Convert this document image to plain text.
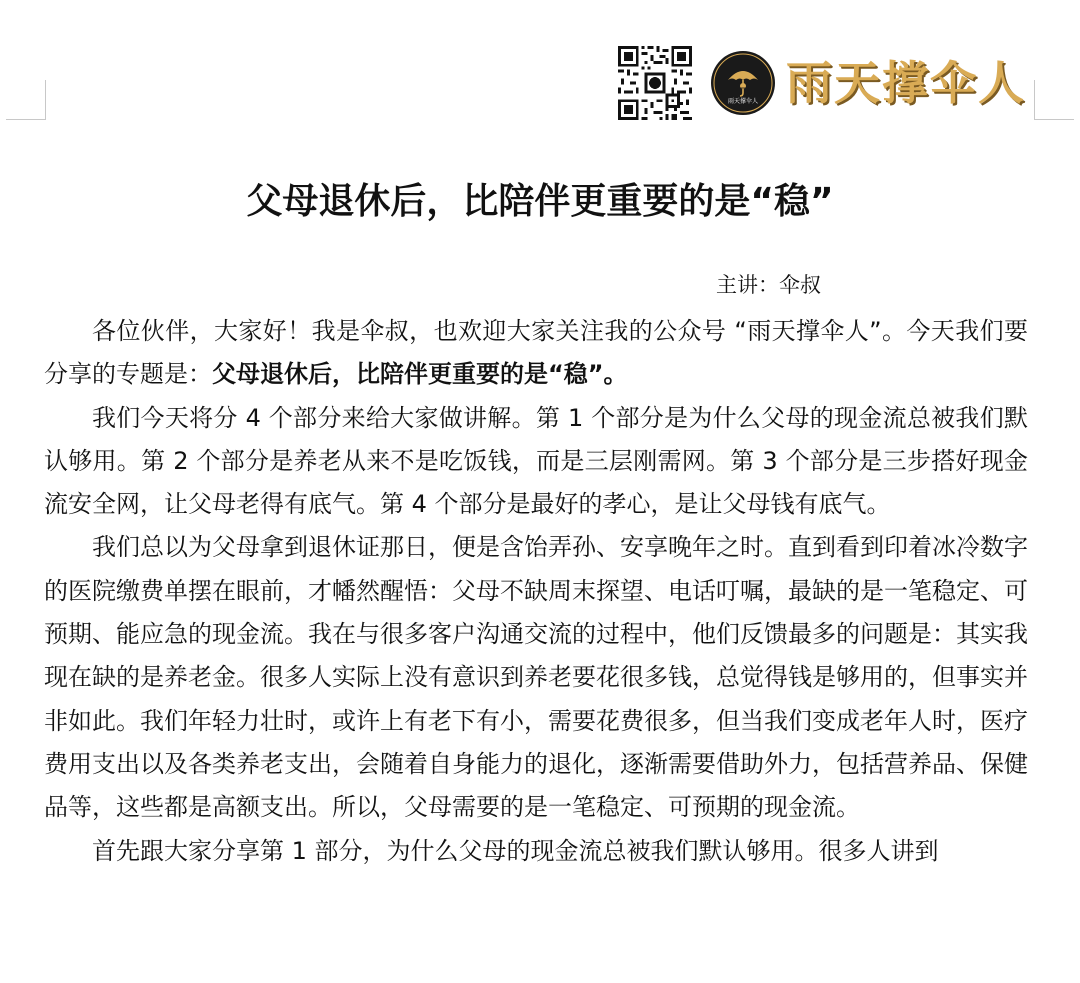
雨天撑伞人 雨天撑伞人
父母退休后，比陪伴更重要的是“稳”
主讲：伞叔

各位伙伴，大家好！我是伞叔，也欢迎大家关注我的公众号 “雨天撑伞人”。今天我们要分享的专题是：父母退休后，比陪伴更重要的是“稳”。

我们今天将分 4 个部分来给大家做讲解。第 1 个部分是为什么父母的现金流总被我们默认够用。第 2 个部分是养老从来不是吃饭钱，而是三层刚需网。第 3 个部分是三步搭好现金流安全网，让父母老得有底气。第 4 个部分是最好的孝心，是让父母钱有底气。

我们总以为父母拿到退休证那日，便是含饴弄孙、安享晚年之时。直到看到印着冰冷数字的医院缴费单摆在眼前，才幡然醒悟：父母不缺周末探望、电话叮嘱，最缺的是一笔稳定、可预期、能应急的现金流。我在与很多客户沟通交流的过程中，他们反馈最多的问题是：其实我现在缺的是养老金。很多人实际上没有意识到养老要花很多钱，总觉得钱是够用的，但事实并非如此。我们年轻力壮时，或许上有老下有小，需要花费很多，但当我们变成老年人时，医疗费用支出以及各类养老支出，会随着自身能力的退化，逐渐需要借助外力，包括营养品、保健品等，这些都是高额支出。所以，父母需要的是一笔稳定、可预期的现金流。

首先跟大家分享第 1 部分，为什么父母的现金流总被我们默认够用。很多人讲到
